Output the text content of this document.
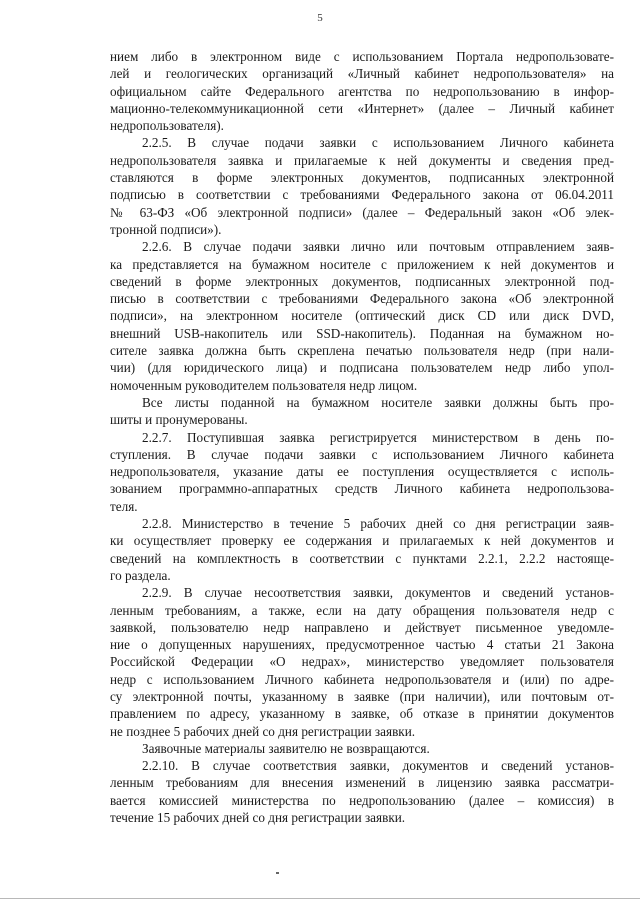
5
нием либо в электронном виде с использованием Портала недропользовате-
лей и геологических организаций «Личный кабинет недропользователя» на
официальном сайте Федерального агентства по недропользованию в инфор-
мационно-телекоммуникационной сети «Интернет» (далее – Личный кабинет
недропользователя).
2.2.5. В случае подачи заявки с использованием Личного кабинета
недропользователя заявка и прилагаемые к ней документы и сведения пред-
ставляются в форме электронных документов, подписанных электронной
подписью в соответствии с требованиями Федерального закона от 06.04.2011
№ 63-ФЗ «Об электронной подписи» (далее – Федеральный закон «Об элек-
тронной подписи»).
2.2.6. В случае подачи заявки лично или почтовым отправлением заяв-
ка представляется на бумажном носителе с приложением к ней документов и
сведений в форме электронных документов, подписанных электронной под-
писью в соответствии с требованиями Федерального закона «Об электронной
подписи», на электронном носителе (оптический диск CD или диск DVD,
внешний USB-накопитель или SSD-накопитель). Поданная на бумажном но-
сителе заявка должна быть скреплена печатью пользователя недр (при нали-
чии) (для юридического лица) и подписана пользователем недр либо упол-
номоченным руководителем пользователя недр лицом.
Все листы поданной на бумажном носителе заявки должны быть про-
шиты и пронумерованы.
2.2.7. Поступившая заявка регистрируется министерством в день по-
ступления. В случае подачи заявки с использованием Личного кабинета
недропользователя, указание даты ее поступления осуществляется с исполь-
зованием программно-аппаратных средств Личного кабинета недропользова-
теля.
2.2.8. Министерство в течение 5 рабочих дней со дня регистрации заяв-
ки осуществляет проверку ее содержания и прилагаемых к ней документов и
сведений на комплектность в соответствии с пунктами 2.2.1, 2.2.2 настояще-
го раздела.
2.2.9. В случае несоответствия заявки, документов и сведений установ-
ленным требованиям, а также, если на дату обращения пользователя недр с
заявкой, пользователю недр направлено и действует письменное уведомле-
ние о допущенных нарушениях, предусмотренное частью 4 статьи 21 Закона
Российской Федерации «О недрах», министерство уведомляет пользователя
недр с использованием Личного кабинета недропользователя и (или) по адре-
су электронной почты, указанному в заявке (при наличии), или почтовым от-
правлением по адресу, указанному в заявке, об отказе в принятии документов
не позднее 5 рабочих дней со дня регистрации заявки.
Заявочные материалы заявителю не возвращаются.
2.2.10. В случае соответствия заявки, документов и сведений установ-
ленным требованиям для внесения изменений в лицензию заявка рассматри-
вается комиссией министерства по недропользованию (далее – комиссия) в
течение 15 рабочих дней со дня регистрации заявки.
